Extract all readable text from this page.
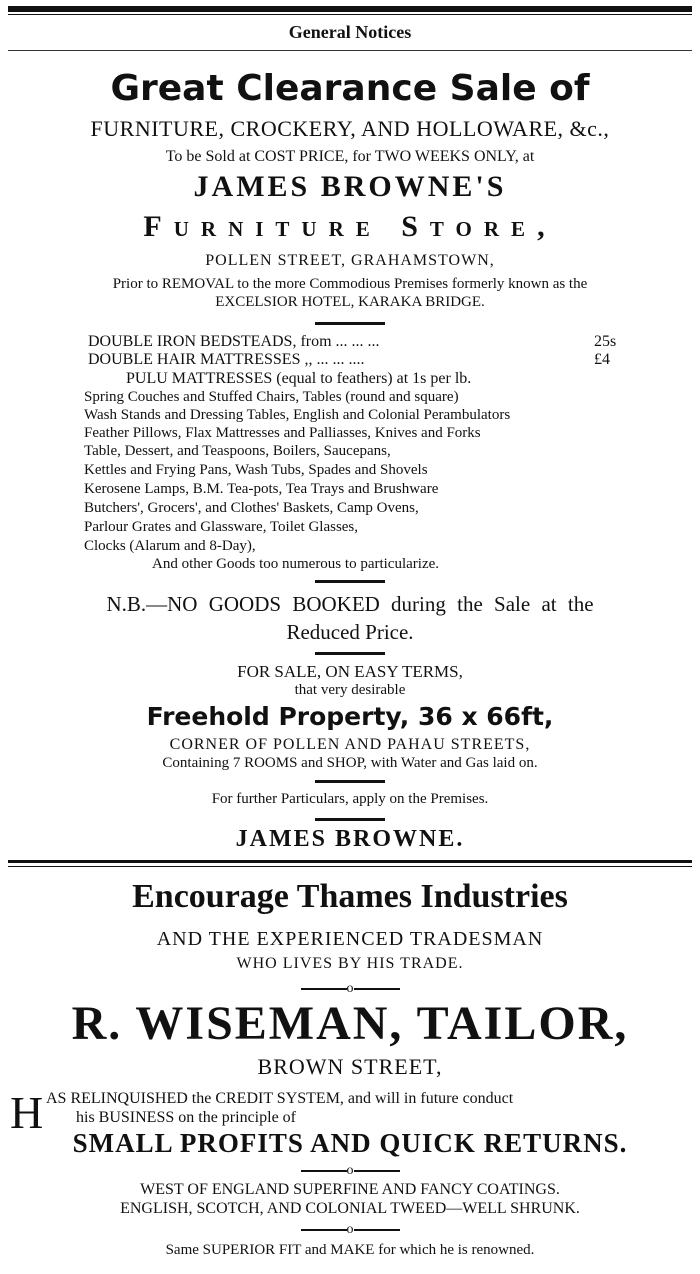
General Notices
Great Clearance Sale of
FURNITURE, CROCKERY, AND HOLLOWARE, &c.,
To be Sold at COST PRICE, for TWO WEEKS ONLY, at
JAMES BROWNE'S
Furniture Store,
POLLEN STREET, GRAHAMSTOWN,
Prior to REMOVAL to the more Commodious Premises formerly known as the
EXCELSIOR HOTEL, KARAKA BRIDGE.
DOUBLE IRON BEDSTEADS, from ... ... ...	25s
DOUBLE HAIR MATTRESSES ,, ... ... ....	£4
PULU MATTRESSES (equal to feathers) at 1s per lb.
Spring Couches and Stuffed Chairs, Tables (round and square)
Wash Stands and Dressing Tables, English and Colonial Perambulators
Feather Pillows, Flax Mattresses and Palliasses, Knives and Forks
Table, Dessert, and Teaspoons, Boilers, Saucepans,
Kettles and Frying Pans, Wash Tubs, Spades and Shovels
Kerosene Lamps, B.M. Tea-pots, Tea Trays and Brushware
Butchers', Grocers', and Clothes' Baskets, Camp Ovens,
Parlour Grates and Glassware, Toilet Glasses,
Clocks (Alarum and 8-Day),
And other Goods too numerous to particularize.
N.B.—NO GOODS BOOKED during the Sale at the
Reduced Price.
FOR SALE, ON EASY TERMS,
that very desirable
Freehold Property, 36 x 66ft,
CORNER OF POLLEN AND PAHAU STREETS,
Containing 7 ROOMS and SHOP, with Water and Gas laid on.
For further Particulars, apply on the Premises.
JAMES BROWNE.
Encourage Thames Industries
AND THE EXPERIENCED TRADESMAN
WHO LIVES BY HIS TRADE.
o
R. WISEMAN, TAILOR,
BROWN STREET,
H AS RELINQUISHED the CREDIT SYSTEM, and will in future conduct
his BUSINESS on the principle of
SMALL PROFITS AND QUICK RETURNS.
o
WEST OF ENGLAND SUPERFINE AND FANCY COATINGS.
ENGLISH, SCOTCH, AND COLONIAL TWEED—WELL SHRUNK.
o
Same SUPERIOR FIT and MAKE for which he is renowned.
